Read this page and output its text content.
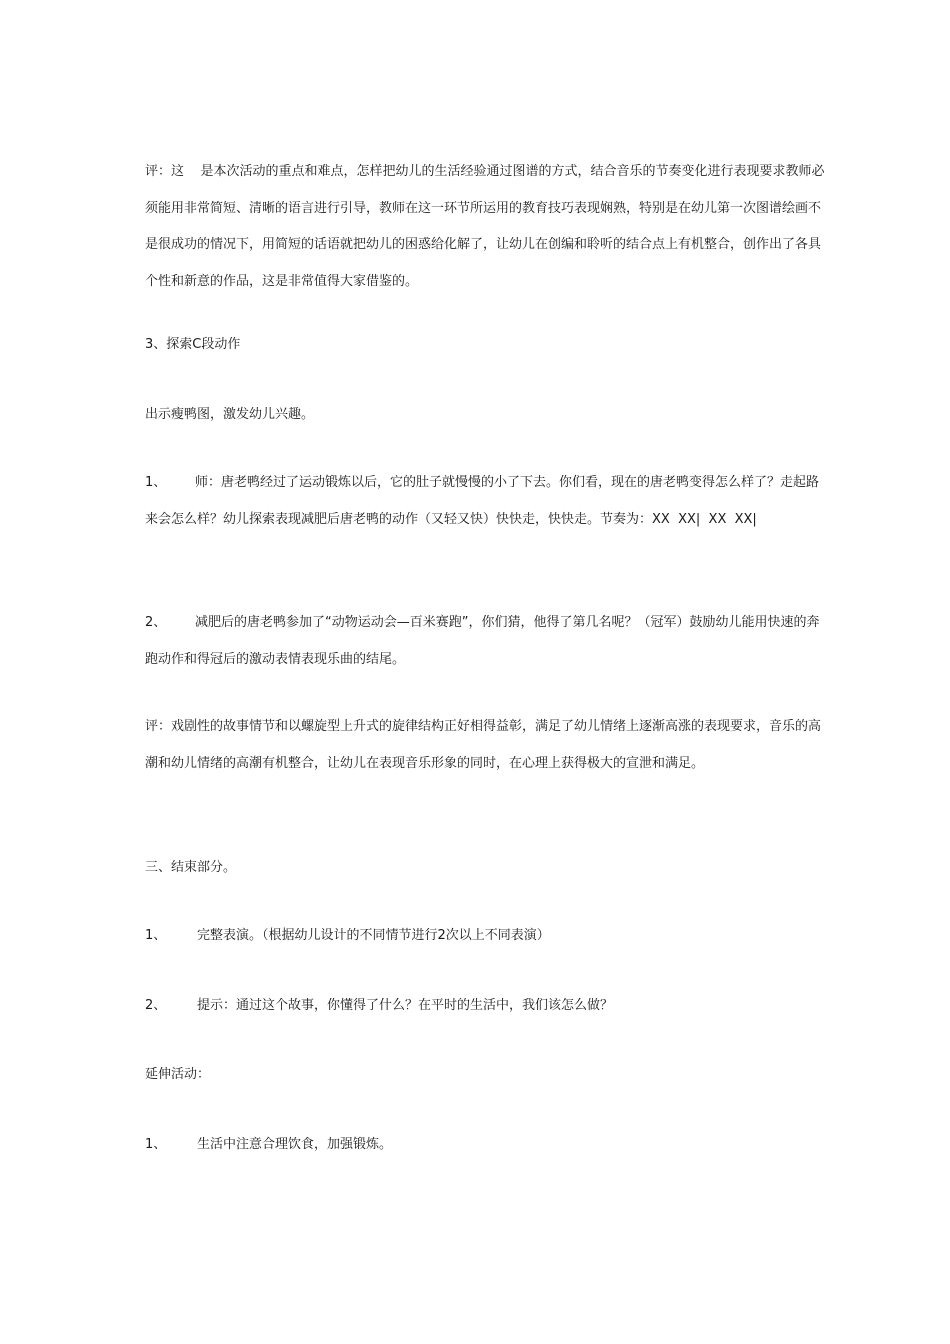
评：这    是本次活动的重点和难点，怎样把幼儿的生活经验通过图谱的方式，结合音乐的节奏变化进行表现要求教师必须能用非常简短、清晰的语言进行引导，教师在这一环节所运用的教育技巧表现娴熟，特别是在幼儿第一次图谱绘画不是很成功的情况下，用简短的话语就把幼儿的困惑给化解了，让幼儿在创编和聆听的结合点上有机整合，创作出了各具个性和新意的作品，这是非常值得大家借鉴的。

3、探索C段动作

出示瘦鸭图，激发幼儿兴趣。

1、 师：唐老鸭经过了运动锻炼以后，它的肚子就慢慢的小了下去。你们看，现在的唐老鸭变得怎么样了？走起路来会怎么样？幼儿探索表现减肥后唐老鸭的动作（又轻又快）快快走，快快走。节奏为：XX  XX|  XX  XX|

2、 减肥后的唐老鸭参加了“动物运动会—百米赛跑”，你们猜，他得了第几名呢？（冠军）鼓励幼儿能用快速的奔跑动作和得冠后的激动表情表现乐曲的结尾。

评：戏剧性的故事情节和以螺旋型上升式的旋律结构正好相得益彰，满足了幼儿情绪上逐渐高涨的表现要求，音乐的高潮和幼儿情绪的高潮有机整合，让幼儿在表现音乐形象的同时，在心理上获得极大的宣泄和满足。

三、结束部分。

1、 完整表演。（根据幼儿设计的不同情节进行2次以上不同表演）

2、 提示：通过这个故事，你懂得了什么？在平时的生活中，我们该怎么做？

延伸活动：

1、 生活中注意合理饮食，加强锻炼。
